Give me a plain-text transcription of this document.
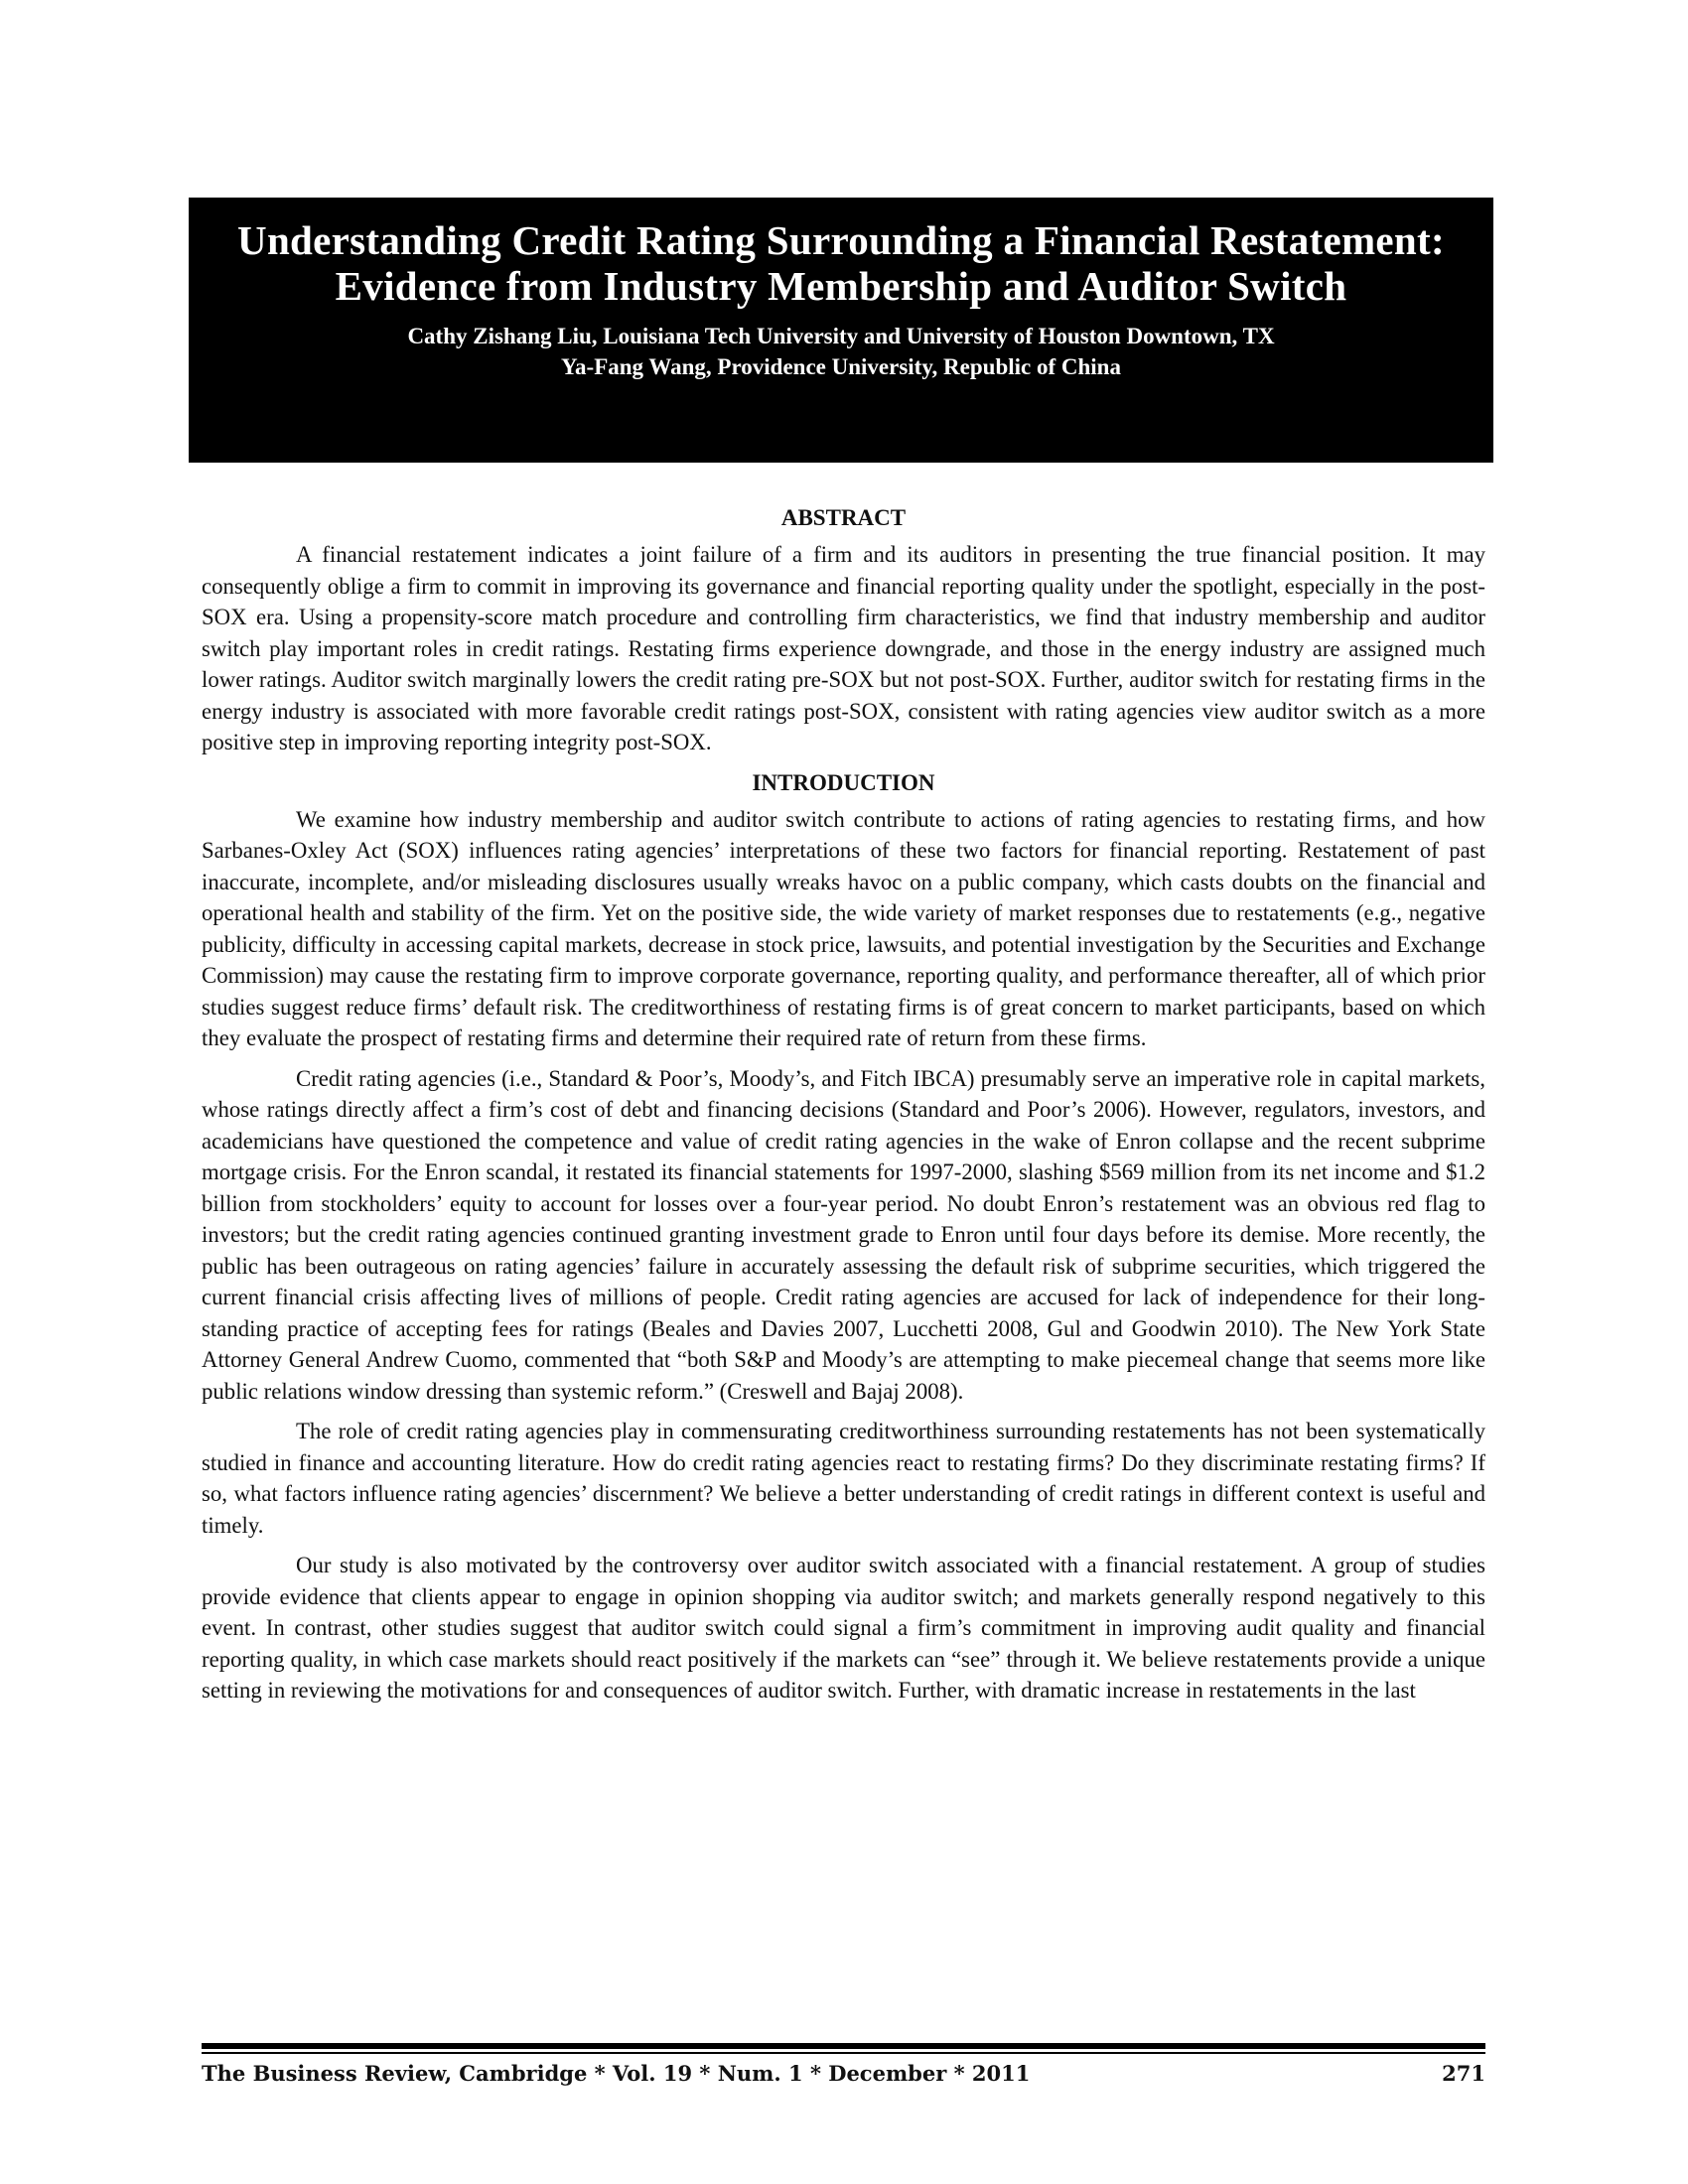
Understanding Credit Rating Surrounding a Financial Restatement: Evidence from Industry Membership and Auditor Switch
Cathy Zishang Liu, Louisiana Tech University and University of Houston Downtown, TX
Ya-Fang Wang, Providence University, Republic of China
ABSTRACT

A financial restatement indicates a joint failure of a firm and its auditors in presenting the true financial position. It may consequently oblige a firm to commit in improving its governance and financial reporting quality under the spotlight, especially in the post-SOX era. Using a propensity-score match procedure and controlling firm characteristics, we find that industry membership and auditor switch play important roles in credit ratings. Restating firms experience downgrade, and those in the energy industry are assigned much lower ratings. Auditor switch marginally lowers the credit rating pre-SOX but not post-SOX. Further, auditor switch for restating firms in the energy industry is associated with more favorable credit ratings post-SOX, consistent with rating agencies view auditor switch as a more positive step in improving reporting integrity post-SOX.

INTRODUCTION

We examine how industry membership and auditor switch contribute to actions of rating agencies to restating firms, and how Sarbanes-Oxley Act (SOX) influences rating agencies’ interpretations of these two factors for financial reporting. Restatement of past inaccurate, incomplete, and/or misleading disclosures usually wreaks havoc on a public company, which casts doubts on the financial and operational health and stability of the firm. Yet on the positive side, the wide variety of market responses due to restatements (e.g., negative publicity, difficulty in accessing capital markets, decrease in stock price, lawsuits, and potential investigation by the Securities and Exchange Commission) may cause the restating firm to improve corporate governance, reporting quality, and performance thereafter, all of which prior studies suggest reduce firms’ default risk. The creditworthiness of restating firms is of great concern to market participants, based on which they evaluate the prospect of restating firms and determine their required rate of return from these firms.

Credit rating agencies (i.e., Standard & Poor’s, Moody’s, and Fitch IBCA) presumably serve an imperative role in capital markets, whose ratings directly affect a firm’s cost of debt and financing decisions (Standard and Poor’s 2006). However, regulators, investors, and academicians have questioned the competence and value of credit rating agencies in the wake of Enron collapse and the recent subprime mortgage crisis. For the Enron scandal, it restated its financial statements for 1997-2000, slashing $569 million from its net income and $1.2 billion from stockholders’ equity to account for losses over a four-year period. No doubt Enron’s restatement was an obvious red flag to investors; but the credit rating agencies continued granting investment grade to Enron until four days before its demise. More recently, the public has been outrageous on rating agencies’ failure in accurately assessing the default risk of subprime securities, which triggered the current financial crisis affecting lives of millions of people. Credit rating agencies are accused for lack of independence for their long-standing practice of accepting fees for ratings (Beales and Davies 2007, Lucchetti 2008, Gul and Goodwin 2010). The New York State Attorney General Andrew Cuomo, commented that “both S&P and Moody’s are attempting to make piecemeal change that seems more like public relations window dressing than systemic reform.” (Creswell and Bajaj 2008).

The role of credit rating agencies play in commensurating creditworthiness surrounding restatements has not been systematically studied in finance and accounting literature. How do credit rating agencies react to restating firms? Do they discriminate restating firms? If so, what factors influence rating agencies’ discernment? We believe a better understanding of credit ratings in different context is useful and timely.

Our study is also motivated by the controversy over auditor switch associated with a financial restatement. A group of studies provide evidence that clients appear to engage in opinion shopping via auditor switch; and markets generally respond negatively to this event. In contrast, other studies suggest that auditor switch could signal a firm’s commitment in improving audit quality and financial reporting quality, in which case markets should react positively if the markets can “see” through it. We believe restatements provide a unique setting in reviewing the motivations for and consequences of auditor switch. Further, with dramatic increase in restatements in the last

The Business Review, Cambridge * Vol. 19 * Num. 1 * December * 2011	271
